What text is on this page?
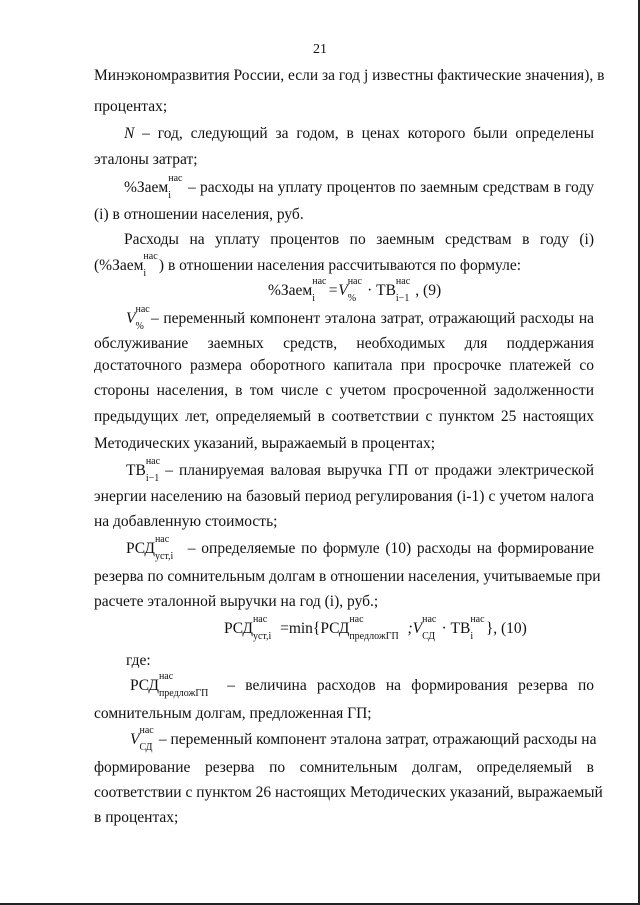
21
Минэкономразвития России, если за год j известны фактические значения), в
процентах;
N – год, следующий за годом, в ценах которого были определены
эталоны затрат;
%Заем
нас
i – расходы на уплату процентов по заемным средствам в году
(i) в отношении населения, руб.
Расходы на уплату процентов по заемным средствам в году (i)
(%Заем
нас
i ) в отношении населения рассчитываются по формуле:
%Заем
нас
i =V
нас
% · ТВ
нас
i−1 , (9)
V
нас
% – переменный компонент эталона затрат, отражающий расходы на
обслуживание заемных средств, необходимых для поддержания
достаточного размера оборотного капитала при просрочке платежей со
стороны населения, в том числе с учетом просроченной задолженности
предыдущих лет, определяемый в соответствии с пунктом 25 настоящих
Методических указаний, выражаемый в процентах;
ТВ
нас
i−1 – планируемая валовая выручка ГП от продажи электрической
энергии населению на базовый период регулирования (i-1) с учетом налога
на добавленную стоимость;
РСД
нас
уст,i – определяемые по формуле (10) расходы на формирование
резерва по сомнительным долгам в отношении населения, учитываемые при
расчете эталонной выручки на год (i), руб.;
РСД
нас
уст,i =min{РСД
нас
предложГП ;V
нас
СД · ТВ
нас
i }, (10)
где:
РСД
нас
предложГП – величина расходов на формирования резерва по
сомнительным долгам, предложенная ГП;
V
нас
СД – переменный компонент эталона затрат, отражающий расходы на
формирование резерва по сомнительным долгам, определяемый в
соответствии с пунктом 26 настоящих Методических указаний, выражаемый
в процентах;
